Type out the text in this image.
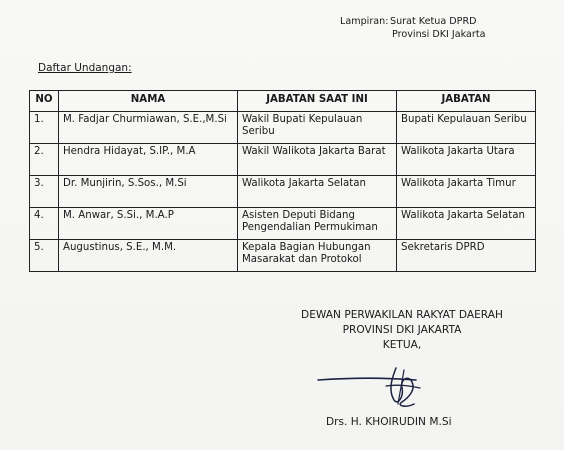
Lampiran: Surat Ketua DPRD
Provinsi DKI Jakarta
Daftar Undangan:
NO	NAMA	JABATAN SAAT INI	JABATAN
1.	M. Fadjar Churmiawan, S.E.,M.Si	Wakil Bupati Kepulauan Seribu	Bupati Kepulauan Seribu
2.	Hendra Hidayat, S.IP., M.A	Wakil Walikota Jakarta Barat	Walikota Jakarta Utara
3.	Dr. Munjirin, S.Sos., M.Si	Walikota Jakarta Selatan	Walikota Jakarta Timur
4.	M. Anwar, S.Si., M.A.P	Asisten Deputi Bidang Pengendalian Permukiman	Walikota Jakarta Selatan
5.	Augustinus, S.E., M.M.	Kepala Bagian Hubungan Masarakat dan Protokol	Sekretaris DPRD
DEWAN PERWAKILAN RAKYAT DAERAH
PROVINSI DKI JAKARTA
KETUA,
Drs. H. KHOIRUDIN M.Si
